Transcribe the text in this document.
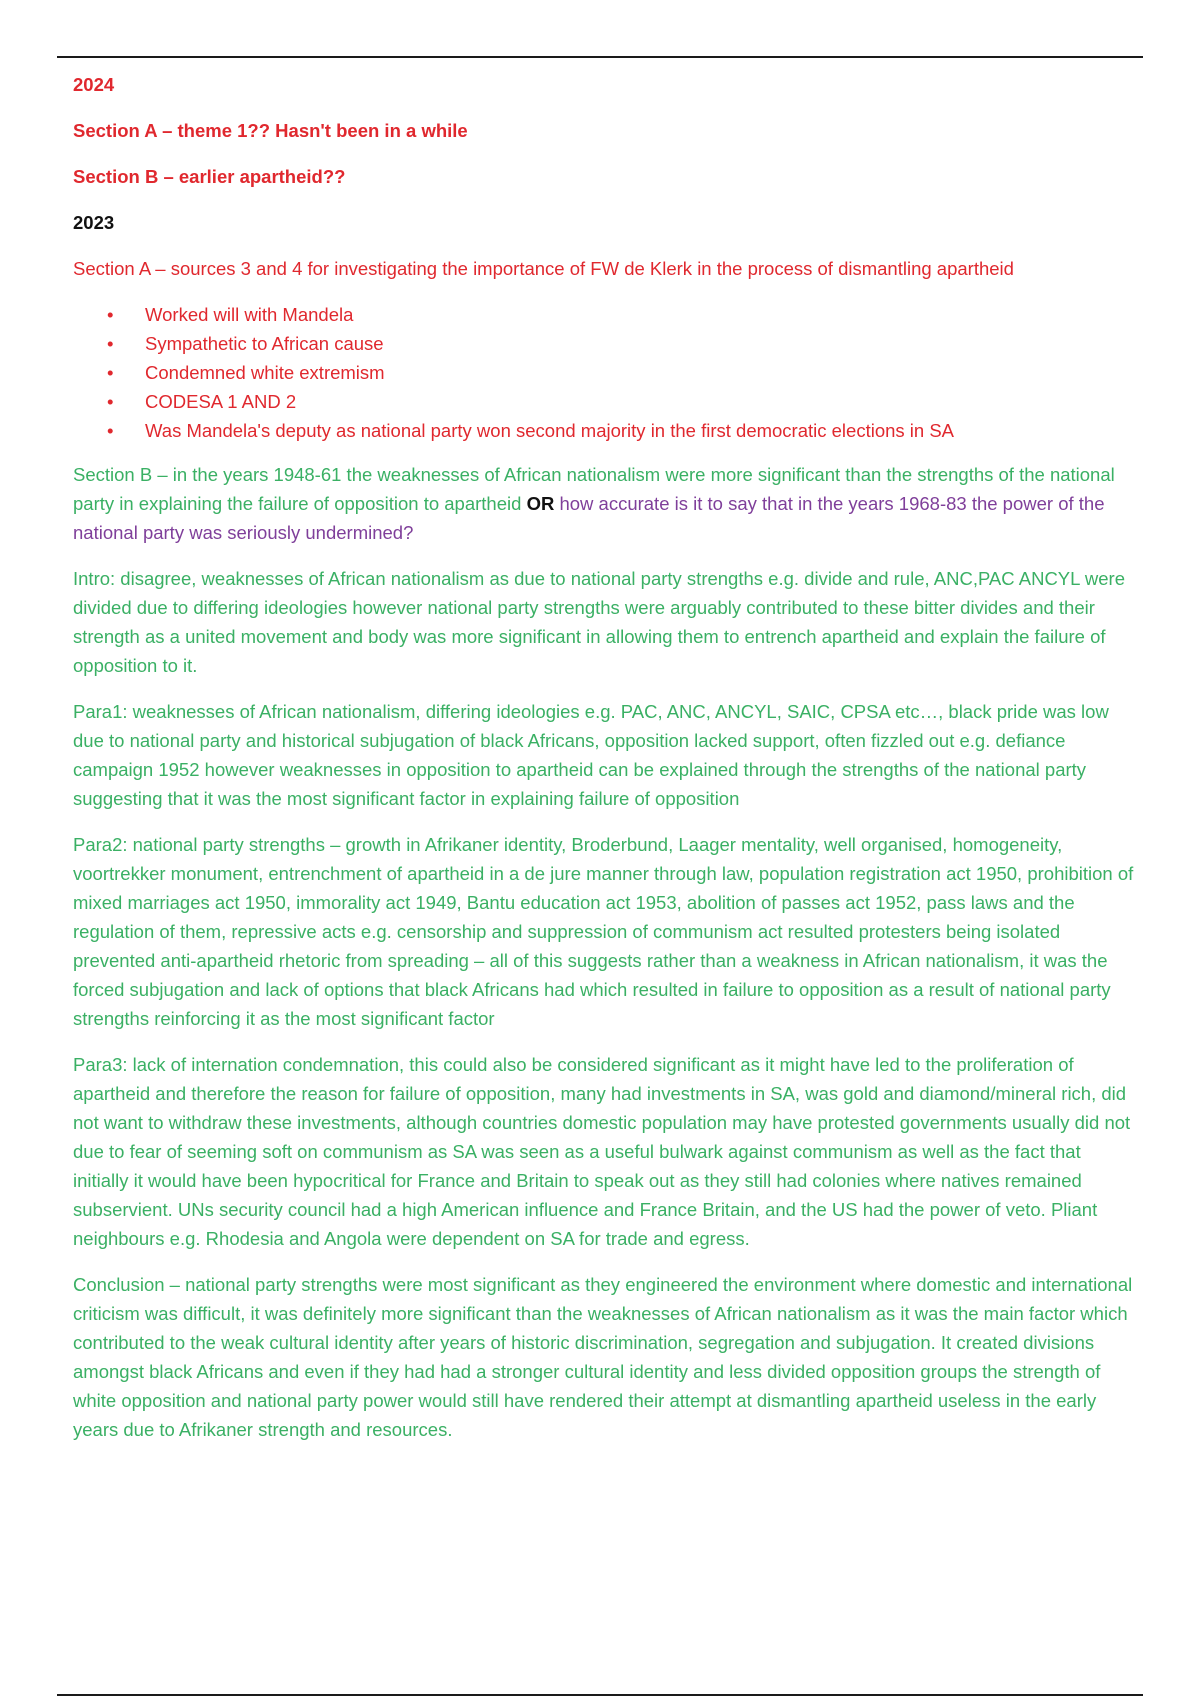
2024

Section A – theme 1?? Hasn't been in a while

Section B – earlier apartheid??

2023

Section A – sources 3 and 4 for investigating the importance of FW de Klerk in the process of dismantling apartheid

• Worked will with Mandela
• Sympathetic to African cause
• Condemned white extremism
• CODESA 1 AND 2
• Was Mandela's deputy as national party won second majority in the first democratic elections in SA

Section B – in the years 1948-61 the weaknesses of African nationalism were more significant than the strengths of the national party in explaining the failure of opposition to apartheid OR how accurate is it to say that in the years 1968-83 the power of the national party was seriously undermined?

Intro: disagree, weaknesses of African nationalism as due to national party strengths e.g. divide and rule, ANC,PAC ANCYL were divided due to differing ideologies however national party strengths were arguably contributed to these bitter divides and their strength as a united movement and body was more significant in allowing them to entrench apartheid and explain the failure of opposition to it.

Para1: weaknesses of African nationalism, differing ideologies e.g. PAC, ANC, ANCYL, SAIC, CPSA etc…, black pride was low due to national party and historical subjugation of black Africans, opposition lacked support, often fizzled out e.g. defiance campaign 1952 however weaknesses in opposition to apartheid can be explained through the strengths of the national party suggesting that it was the most significant factor in explaining failure of opposition

Para2: national party strengths – growth in Afrikaner identity, Broderbund, Laager mentality, well organised, homogeneity, voortrekker monument, entrenchment of apartheid in a de jure manner through law, population registration act 1950, prohibition of mixed marriages act 1950, immorality act 1949, Bantu education act 1953, abolition of passes act 1952, pass laws and the regulation of them, repressive acts e.g. censorship and suppression of communism act resulted protesters being isolated prevented anti-apartheid rhetoric from spreading – all of this suggests rather than a weakness in African nationalism, it was the forced subjugation and lack of options that black Africans had which resulted in failure to opposition as a result of national party strengths reinforcing it as the most significant factor

Para3: lack of internation condemnation, this could also be considered significant as it might have led to the proliferation of apartheid and therefore the reason for failure of opposition, many had investments in SA, was gold and diamond/mineral rich, did not want to withdraw these investments, although countries domestic population may have protested governments usually did not due to fear of seeming soft on communism as SA was seen as a useful bulwark against communism as well as the fact that initially it would have been hypocritical for France and Britain to speak out as they still had colonies where natives remained subservient. UNs security council had a high American influence and France Britain, and the US had the power of veto. Pliant neighbours e.g. Rhodesia and Angola were dependent on SA for trade and egress.

Conclusion – national party strengths were most significant as they engineered the environment where domestic and international criticism was difficult, it was definitely more significant than the weaknesses of African nationalism as it was the main factor which contributed to the weak cultural identity after years of historic discrimination, segregation and subjugation. It created divisions amongst black Africans and even if they had had a stronger cultural identity and less divided opposition groups the strength of white opposition and national party power would still have rendered their attempt at dismantling apartheid useless in the early years due to Afrikaner strength and resources.
